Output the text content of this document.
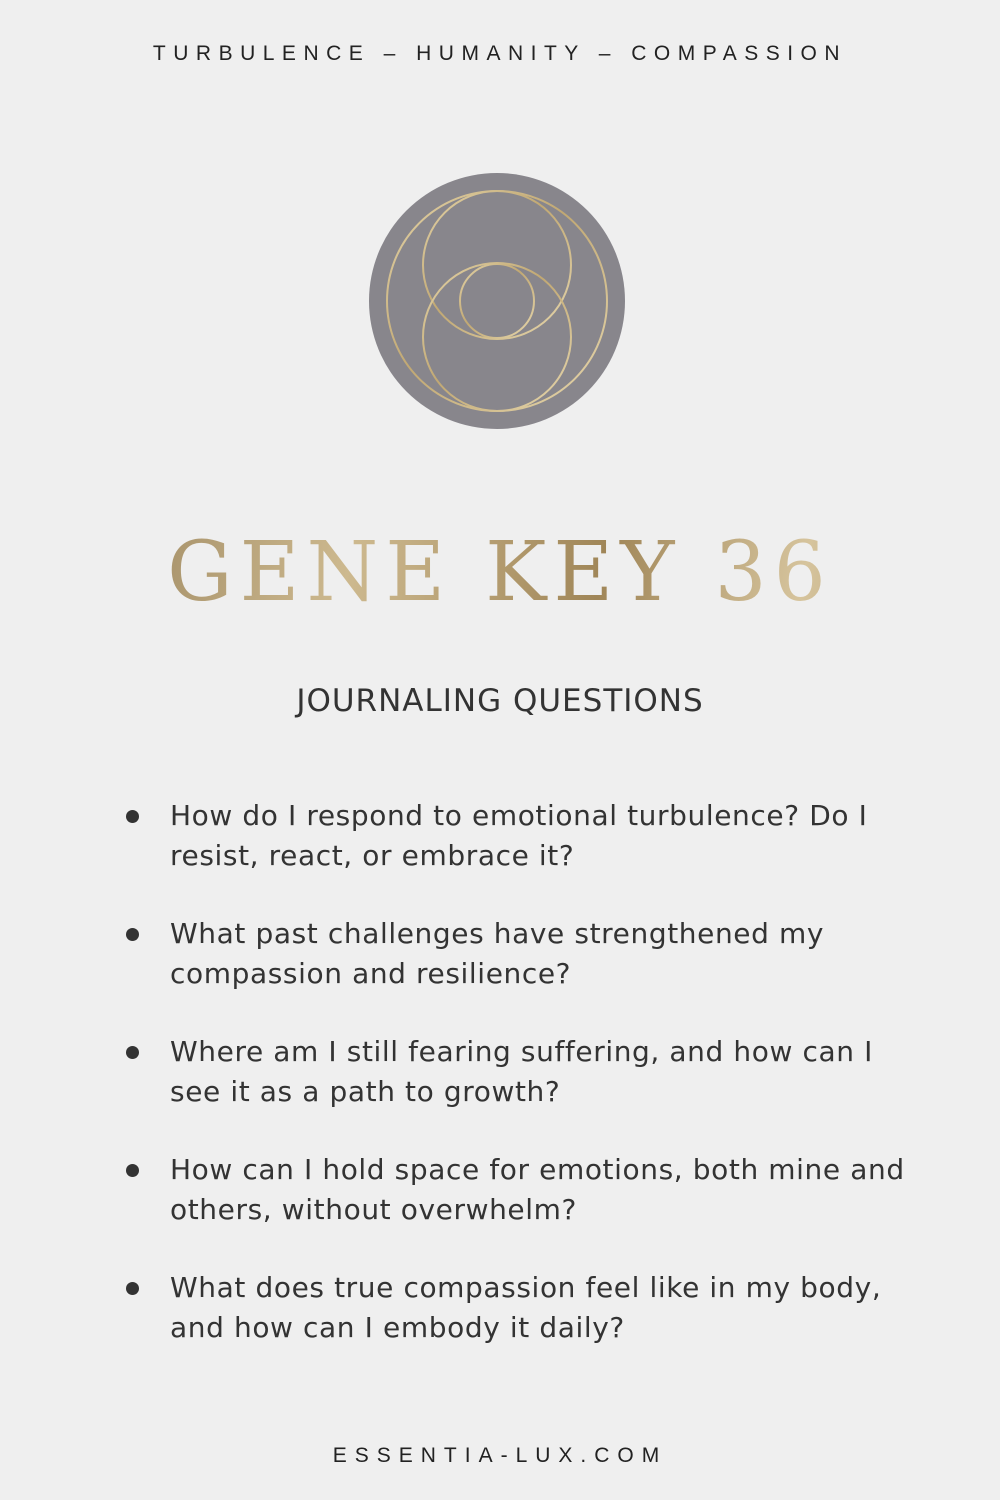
TURBULENCE – HUMANITY – COMPASSION
GENE KEY 36
JOURNALING QUESTIONS
How do I respond to emotional turbulence? Do I resist, react, or embrace it?
What past challenges have strengthened my compassion and resilience?
Where am I still fearing suffering, and how can I see it as a path to growth?
How can I hold space for emotions, both mine and others, without overwhelm?
What does true compassion feel like in my body, and how can I embody it daily?
ESSENTIA-LUX.COM
